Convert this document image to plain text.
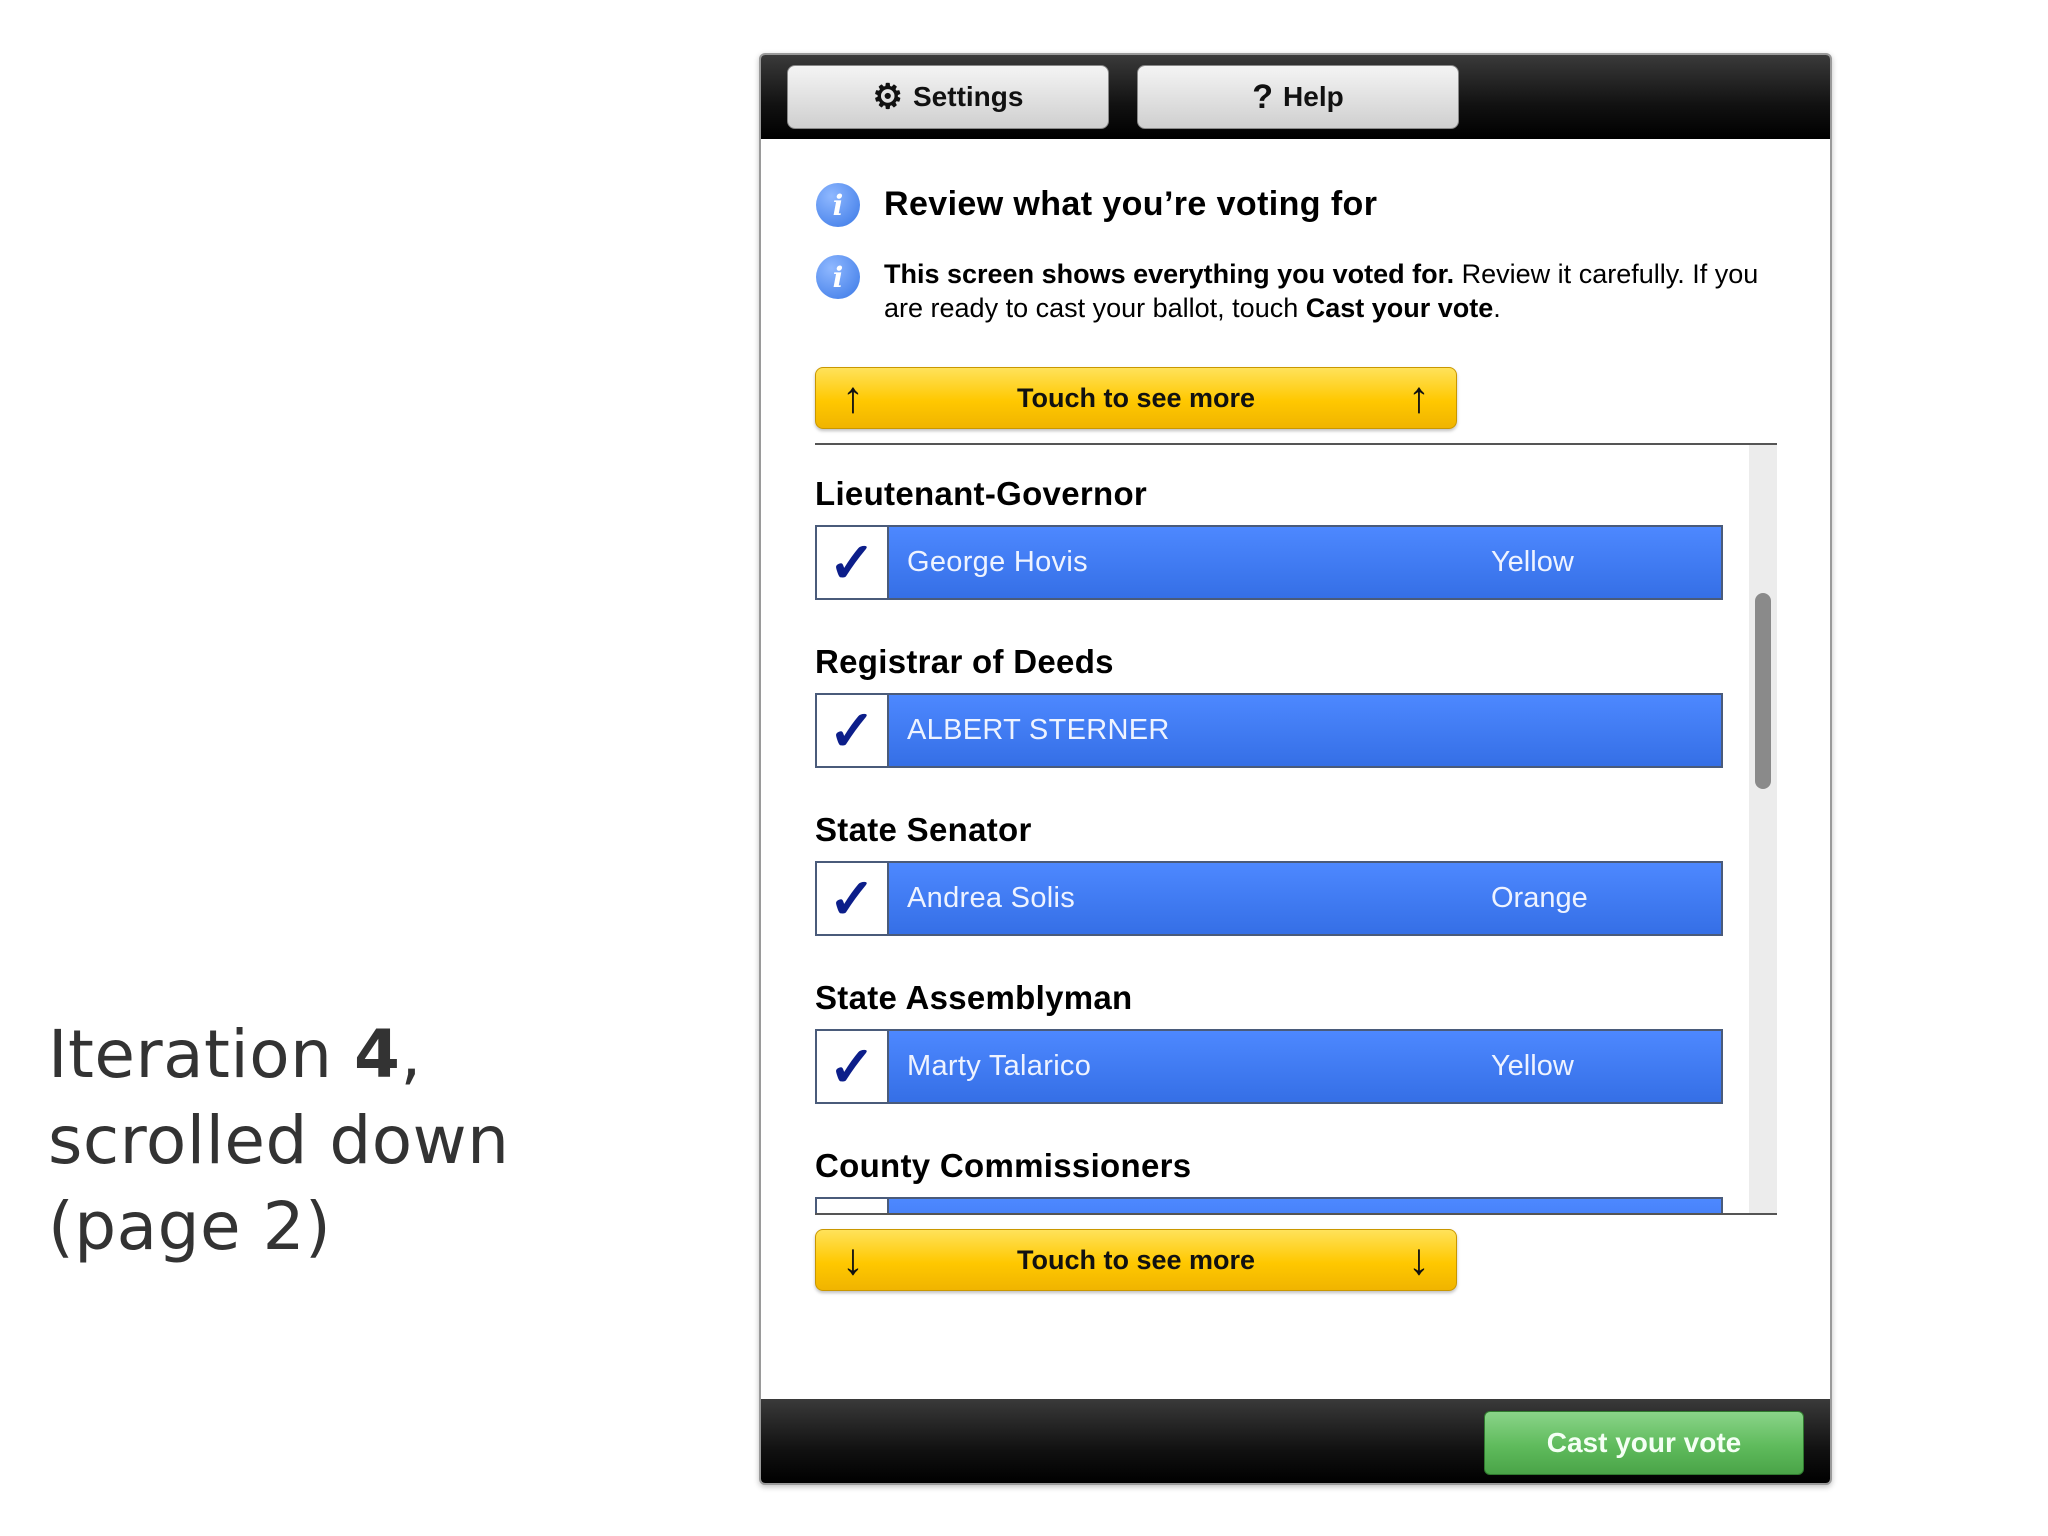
Iteration 4,
scrolled down
(page 2)
⚙ Settings	? Help
i	Review what you’re voting for
i	This screen shows everything you voted for. Review it carefully. If you are ready to cast your ballot, touch Cast your vote.
↑	Touch to see more	↑
Lieutenant-Governor
✓	George Hovis	Yellow
Registrar of Deeds
✓	ALBERT STERNER
State Senator
✓	Andrea Solis	Orange
State Assemblyman
✓	Marty Talarico	Yellow
County Commissioners
↓	Touch to see more	↓
Cast your vote
